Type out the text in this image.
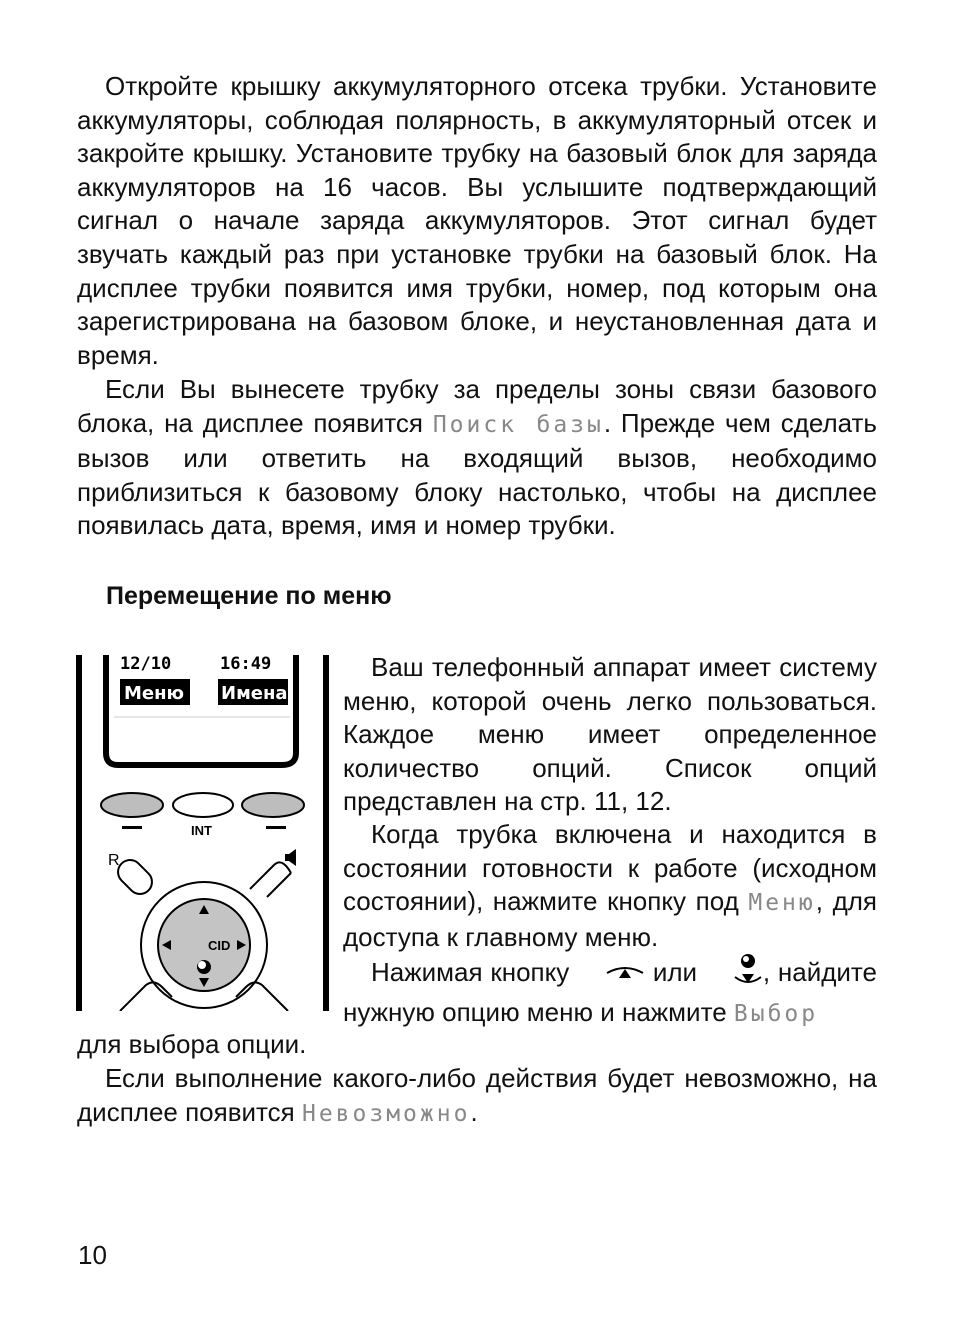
Откройте крышку аккумуляторного отсека трубки. Установите аккумуляторы, соблюдая полярность, в аккумуляторный отсек и закройте крышку. Установите трубку на базовый блок для заряда аккумуляторов на 16 часов. Вы услышите подтверждающий сигнал о начале заряда аккумуляторов. Этот сигнал будет звучать каждый раз при установке трубки на базовый блок. На дисплее трубки появится имя трубки, номер, под которым она зарегистрирована на базовом блоке, и неустановленная дата и время.

Если Вы вынесете трубку за пределы зоны связи базового блока, на дисплее появится Поиск базы. Прежде чем сделать вызов или ответить на входящий вызов, необходимо приблизиться к базовому блоку настолько, чтобы на дисплее появилась дата, время, имя и номер трубки.

Перемещение по меню
12/10	16:49
Меню Имена
INT
R
CID

Ваш телефонный аппарат имеет систему меню, которой очень легко пользоваться. Каждое меню имеет определенное количество опций. Список опций представлен на стр. 11, 12.

Когда трубка включена и находится в состоянии готовности к работе (исходном состоянии), нажмите кнопку под Меню, для доступа к главному меню.

Нажимая кнопку	или , найдите нужную опцию меню и нажмите Выбор

для выбора опции.

Если выполнение какого-либо действия будет невозможно, на дисплее появится Невозможно.

10
